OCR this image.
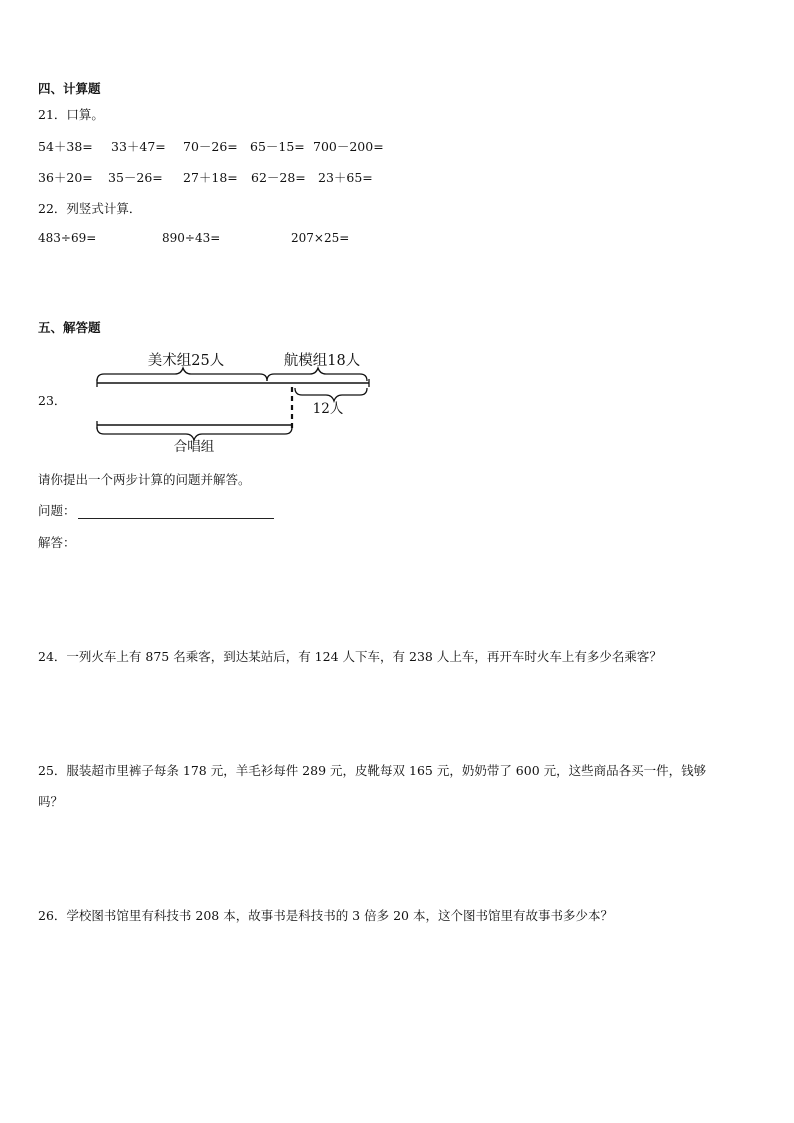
四、计算题
21．口算。
54＋38= 33＋47= 70－26= 65－15= 700－200=
36＋20= 35－26= 27＋18= 62－28= 23＋65=
22．列竖式计算．
483÷69=	890÷43=	207×25=
五、解答题
23．
美术组25人	航模组18人
12人
合唱组
请你提出一个两步计算的问题并解答。
问题：
解答：
24．一列火车上有 875 名乘客，到达某站后，有 124 人下车，有 238 人上车，再开车时火车上有多少名乘客？
25．服装超市里裤子每条 178 元，羊毛衫每件 289 元，皮靴每双 165 元，奶奶带了 600 元，这些商品各买一件，钱够
吗？
26．学校图书馆里有科技书 208 本，故事书是科技书的 3 倍多 20 本，这个图书馆里有故事书多少本？
